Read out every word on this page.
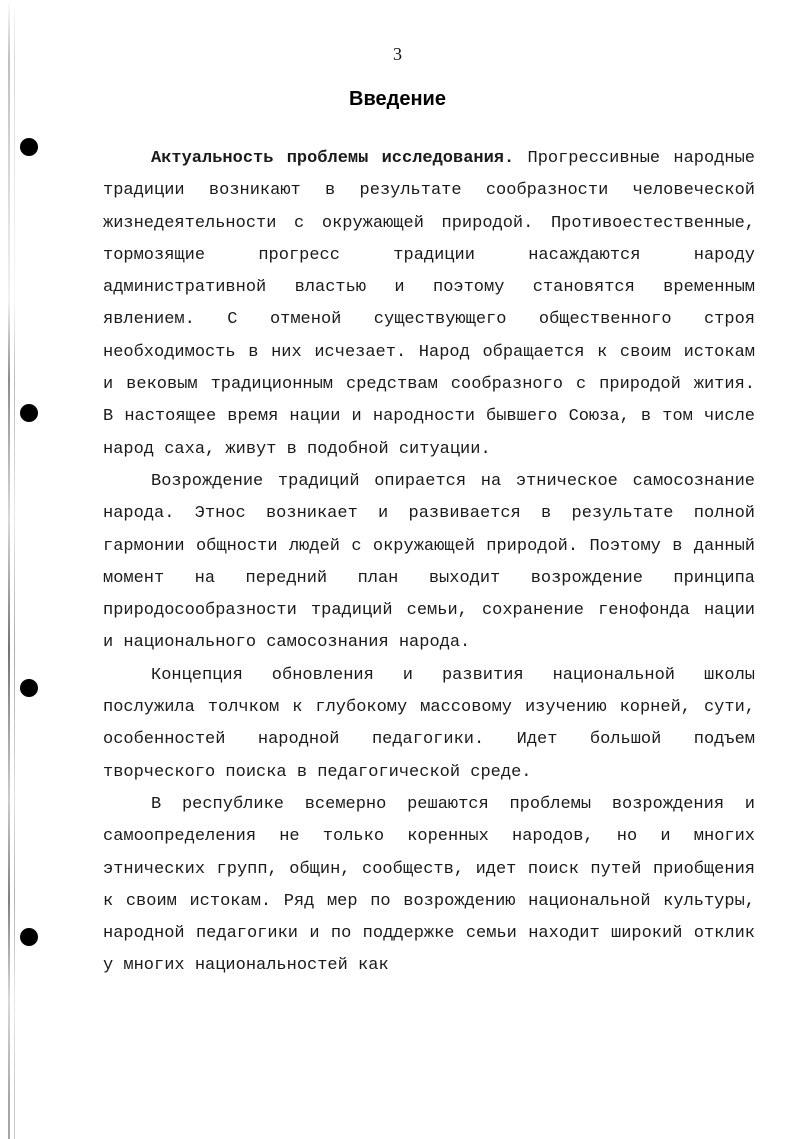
3
Введение

Актуальность проблемы исследования. Прогрессивные народные традиции возникают в результате сообразности человеческой жизнедеятельности с окружающей природой. Противоестественные, тормозящие прогресс традиции насаждаются народу административной властью и поэтому становятся временным явлением. С отменой существующего общественного строя необходимость в них исчезает. Народ обращается к своим истокам и вековым традиционным средствам сообразного с природой жития. В настоящее время нации и народности бывшего Союза, в том числе народ саха, живут в подобной ситуации.

Возрождение традиций опирается на этническое самосознание народа. Этнос возникает и развивается в результате полной гармонии общности людей с окружающей природой. Поэтому в данный момент на передний план выходит возрождение принципа природосообразности традиций семьи, сохранение генофонда нации и национального самосознания народа.

Концепция обновления и развития национальной школы послужила толчком к глубокому массовому изучению корней, сути, особенностей народной педагогики. Идет большой подъем творческого поиска в педагогической среде.

В республике всемерно решаются проблемы возрождения и самоопределения не только коренных народов, но и многих этнических групп, общин, сообществ, идет поиск путей приобщения к своим истокам. Ряд мер по возрождению национальной культуры, народной педагогики и по поддержке семьи находит широкий отклик у многих национальностей как
